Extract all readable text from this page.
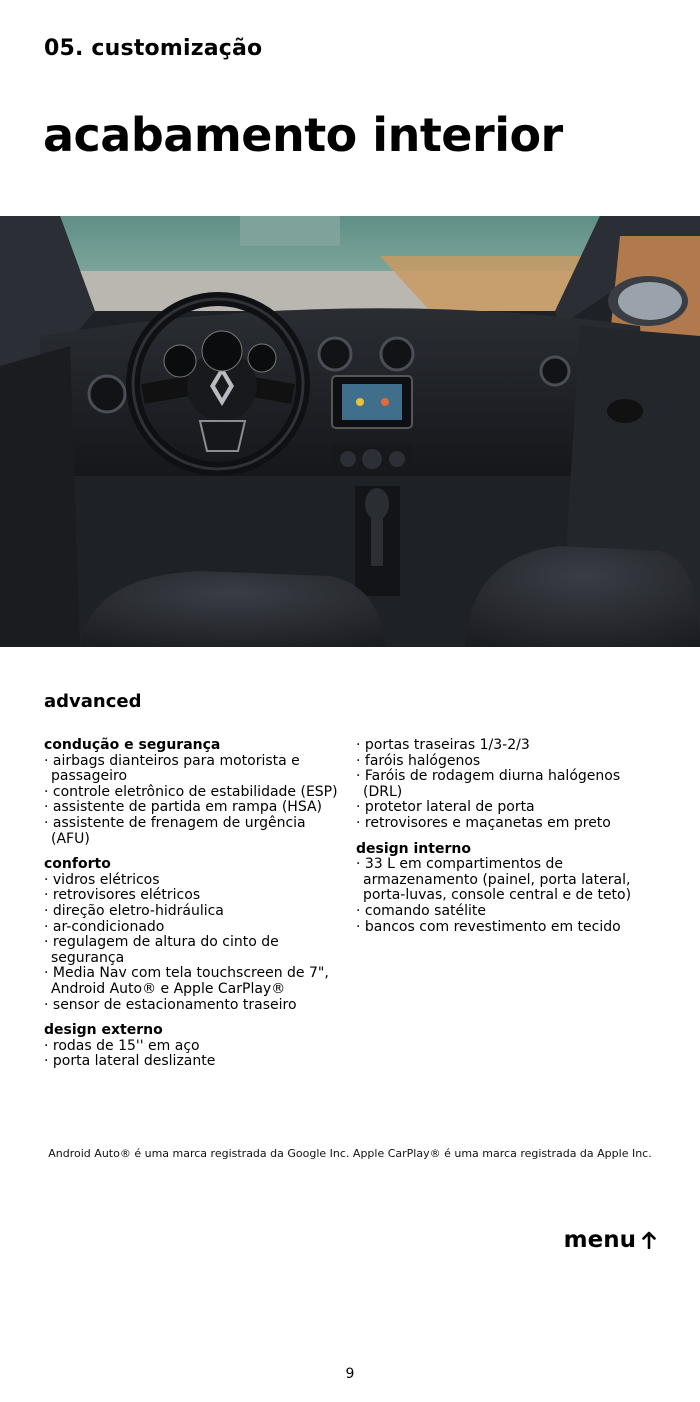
05. customização
acabamento interior
advanced
condução e segurança
· airbags dianteiros para motorista e passageiro
· controle eletrônico de estabilidade (ESP)
· assistente de partida em rampa (HSA)
· assistente de frenagem de urgência (AFU)
conforto
· vidros elétricos
· retrovisores elétricos
· direção eletro-hidráulica
· ar-condicionado
· regulagem de altura do cinto de segurança
· Media Nav com tela touchscreen de 7", Android Auto® e Apple CarPlay®
· sensor de estacionamento traseiro
design externo
· rodas de 15'' em aço
· porta lateral deslizante
· portas traseiras 1/3-2/3
· faróis halógenos
· Faróis de rodagem diurna halógenos (DRL)
· protetor lateral de porta
· retrovisores e maçanetas em preto
design interno
· 33 L em compartimentos de armazenamento (painel, porta lateral, porta-luvas, console central e de teto)
· comando satélite
· bancos com revestimento em tecido
Android Auto® é uma marca registrada da Google Inc. Apple CarPlay® é uma marca registrada da Apple Inc.
menu
9
